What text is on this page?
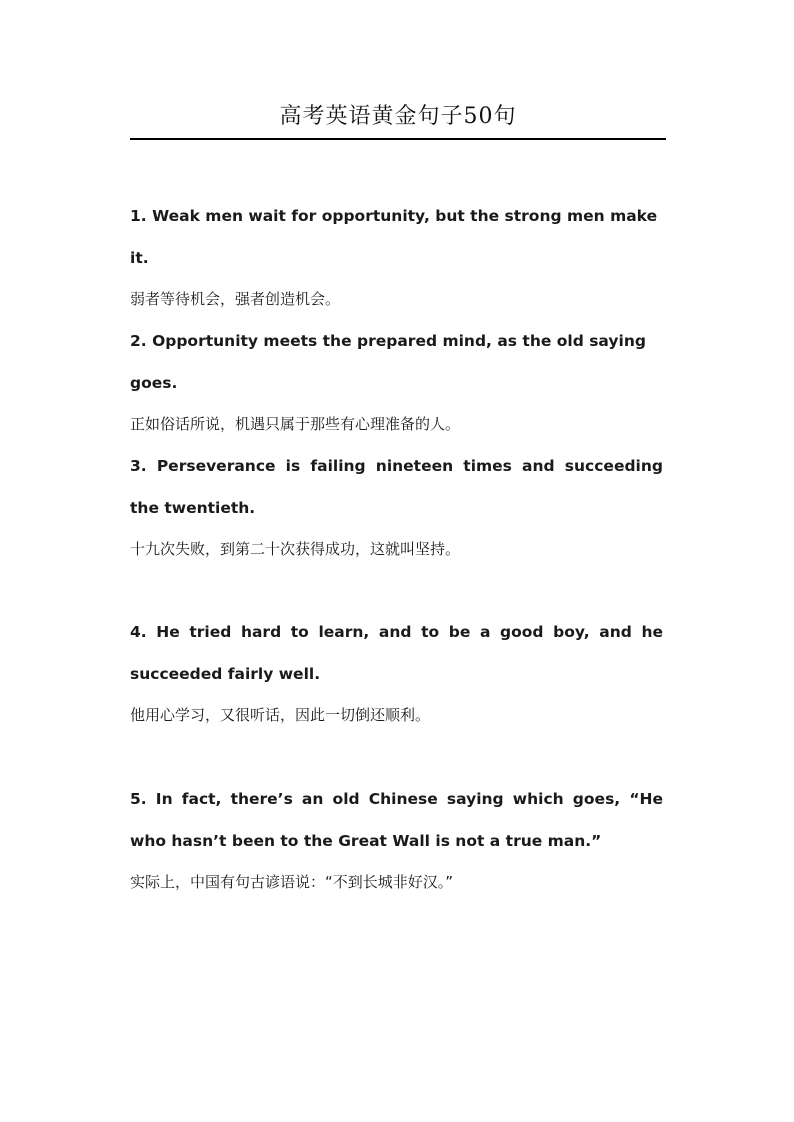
高考英语黄金句子50句

1. Weak men wait for opportunity, but the strong men make it.

弱者等待机会，强者创造机会。

2. Opportunity meets the prepared mind, as the old saying goes.

正如俗话所说，机遇只属于那些有心理准备的人。

3. Perseverance is failing nineteen times and succeeding the twentieth.

十九次失败，到第二十次获得成功，这就叫坚持。

4. He tried hard to learn, and to be a good boy, and he succeeded fairly well.

他用心学习，又很听话，因此一切倒还顺利。

5. In fact, there’s an old Chinese saying which goes, “He who hasn’t been to the Great Wall is not a true man.”

实际上，中国有句古谚语说：“不到长城非好汉。”
